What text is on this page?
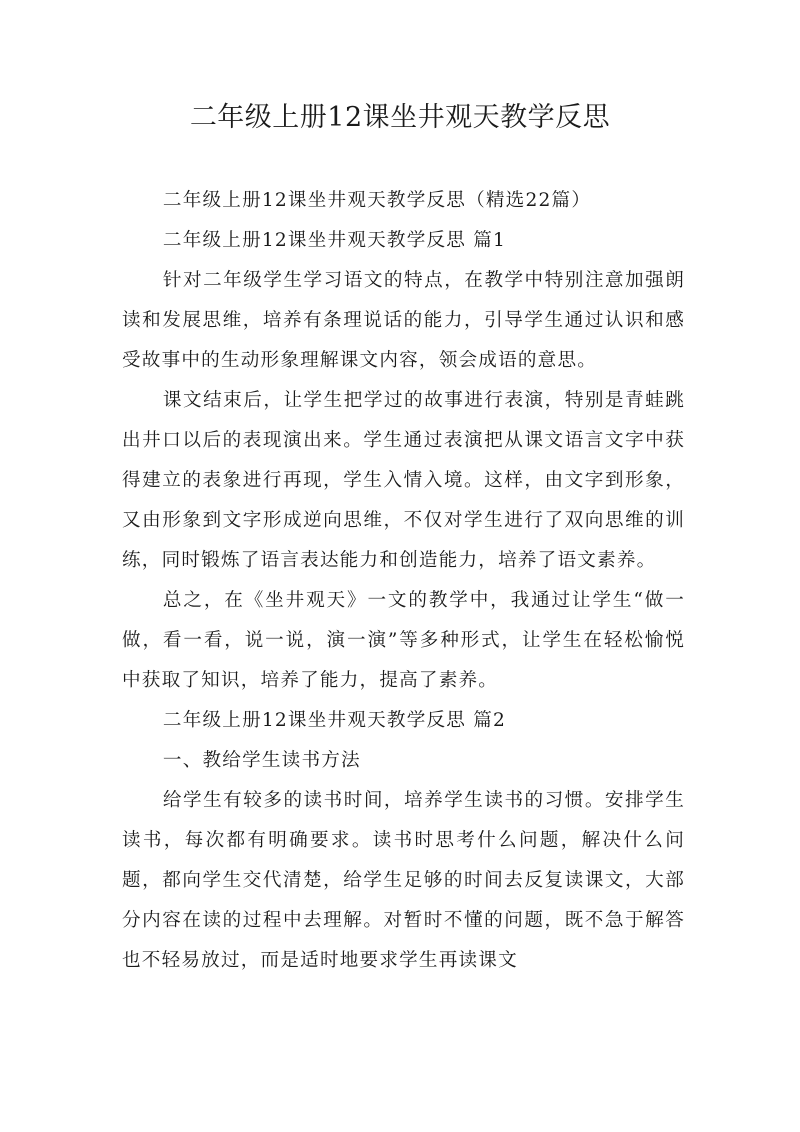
二年级上册12课坐井观天教学反思

二年级上册12课坐井观天教学反思（精选22篇）

二年级上册12课坐井观天教学反思 篇1

针对二年级学生学习语文的特点，在教学中特别注意加强朗读和发展思维，培养有条理说话的能力，引导学生通过认识和感受故事中的生动形象理解课文内容，领会成语的意思。

课文结束后，让学生把学过的故事进行表演，特别是青蛙跳出井口以后的表现演出来。学生通过表演把从课文语言文字中获得建立的表象进行再现，学生入情入境。这样，由文字到形象，又由形象到文字形成逆向思维，不仅对学生进行了双向思维的训练，同时锻炼了语言表达能力和创造能力，培养了语文素养。

总之，在《坐井观天》一文的教学中，我通过让学生“做一做，看一看，说一说，演一演”等多种形式，让学生在轻松愉悦中获取了知识，培养了能力，提高了素养。

二年级上册12课坐井观天教学反思 篇2

一、教给学生读书方法

给学生有较多的读书时间，培养学生读书的习惯。安排学生读书，每次都有明确要求。读书时思考什么问题，解决什么问题，都向学生交代清楚，给学生足够的时间去反复读课文，大部分内容在读的过程中去理解。对暂时不懂的问题，既不急于解答也不轻易放过，而是适时地要求学生再读课文
